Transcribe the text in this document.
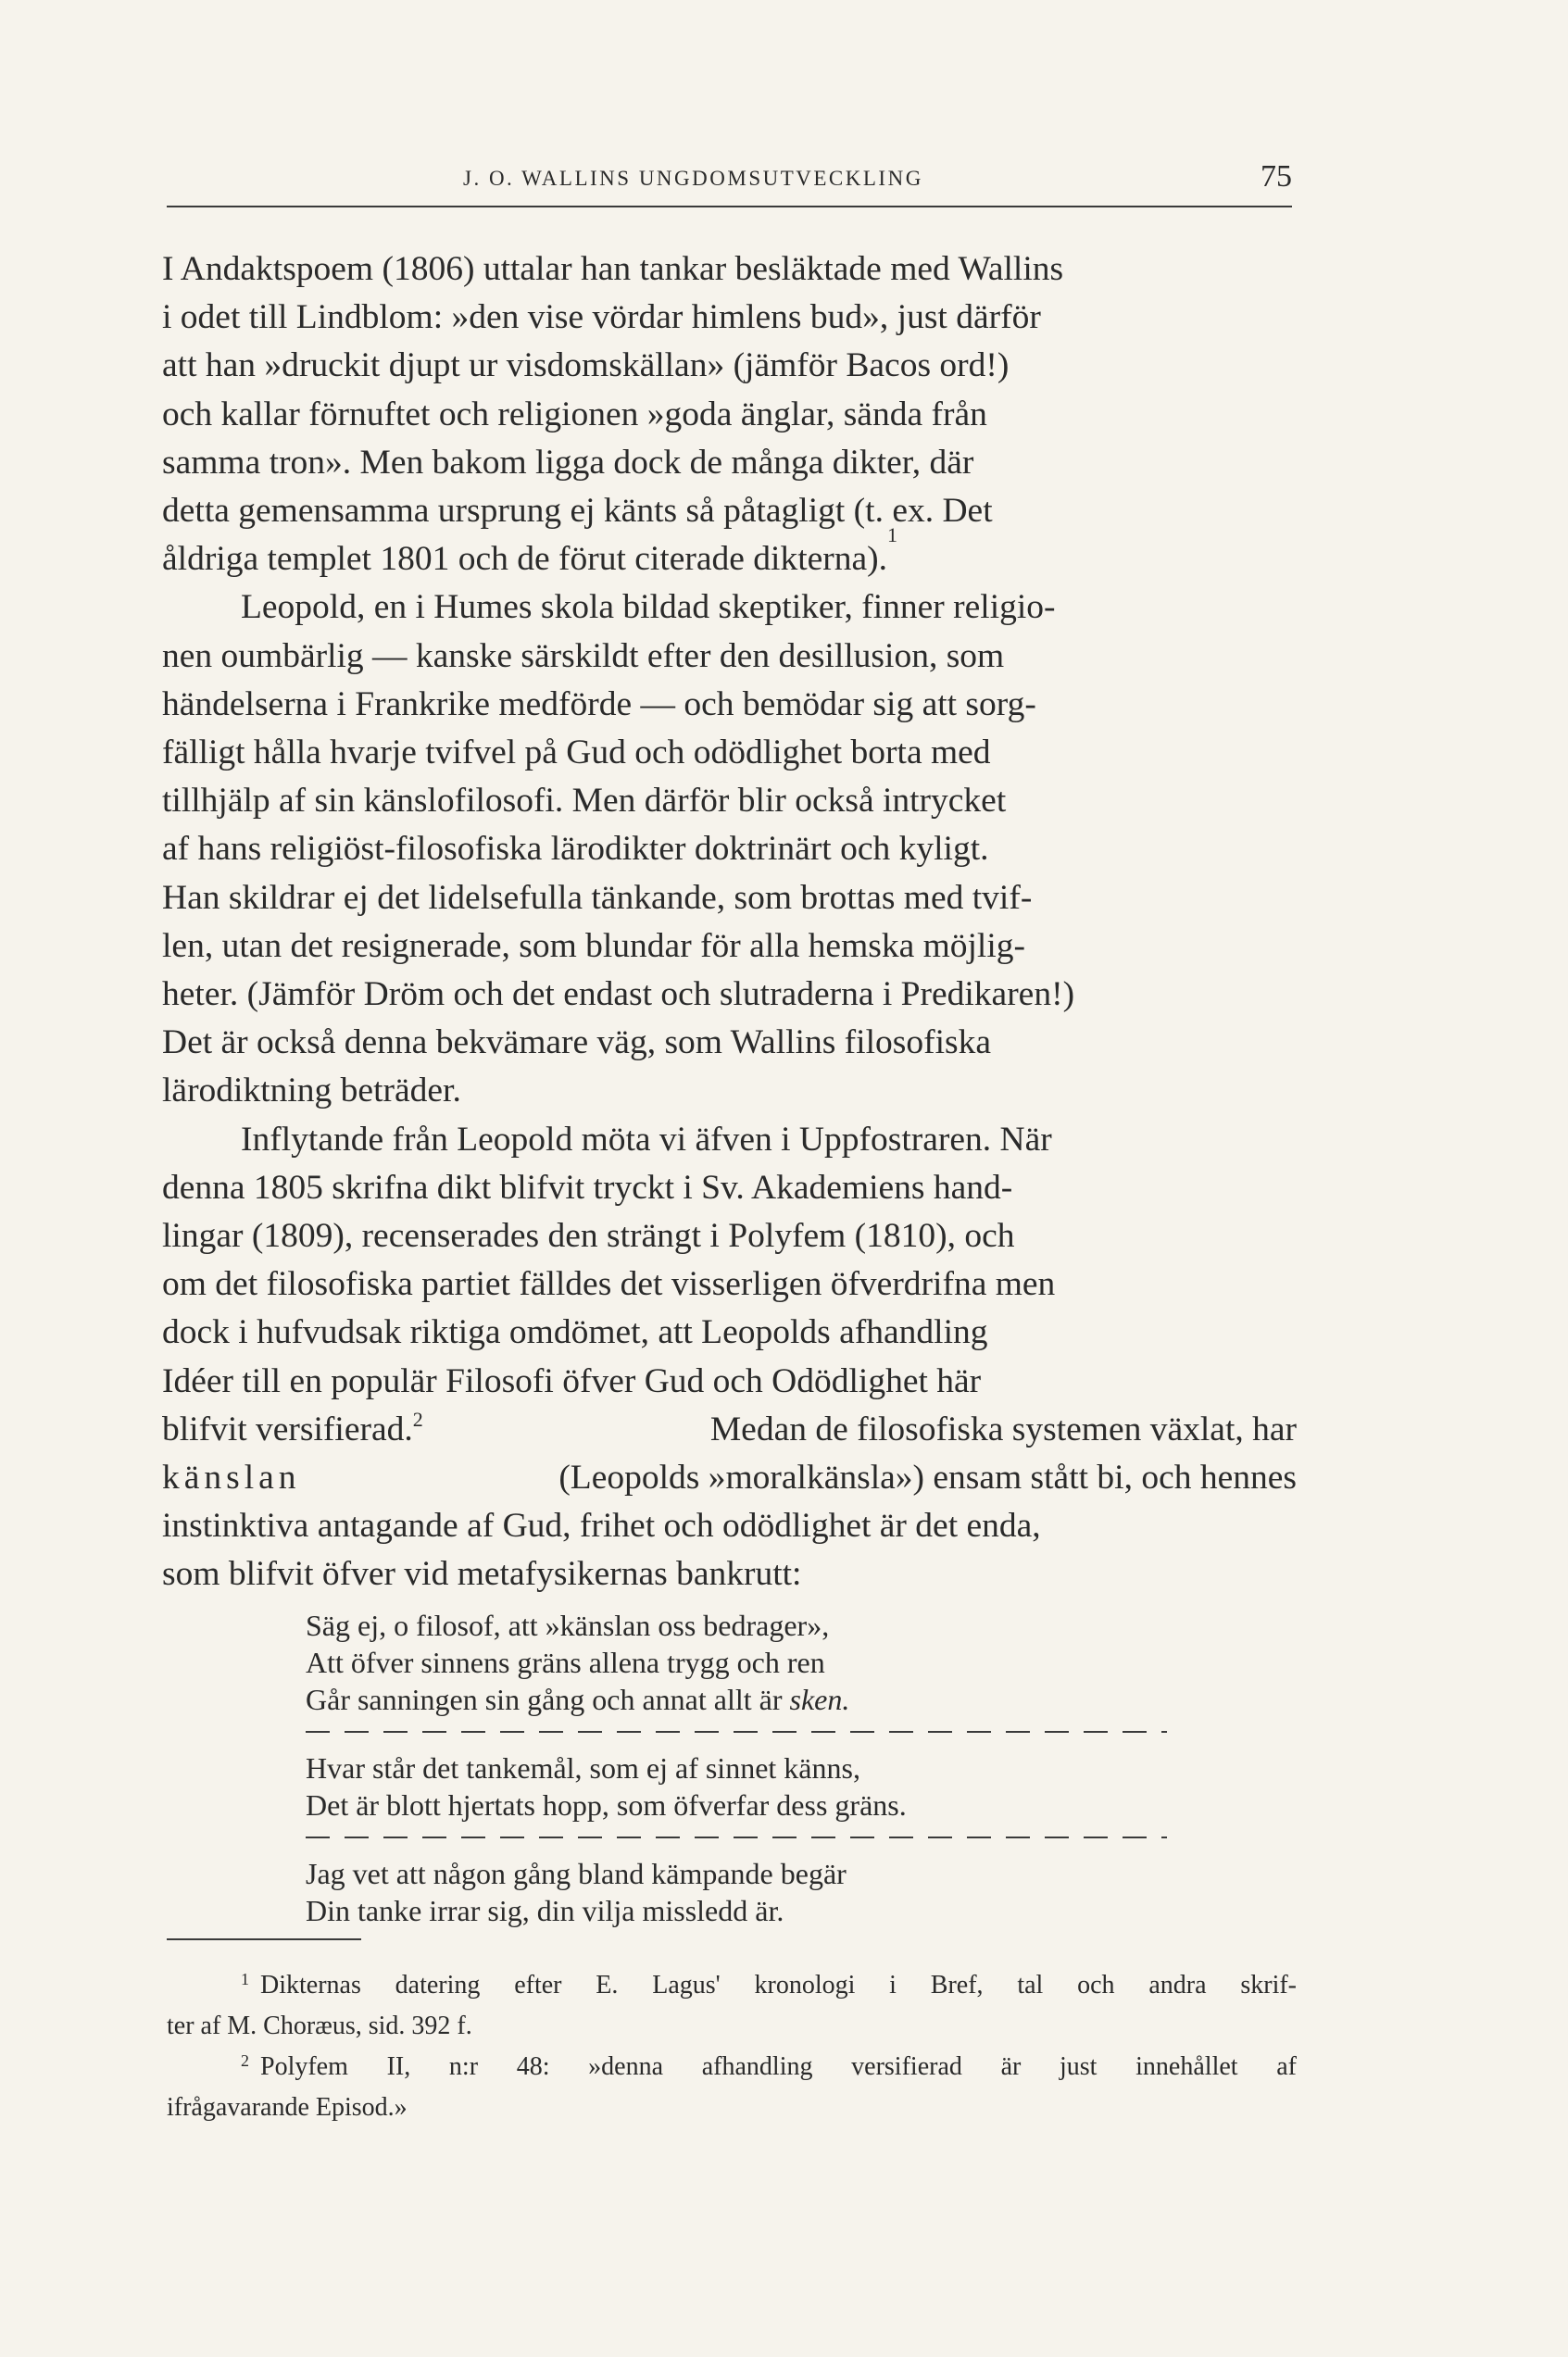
J. O. WALLINS UNGDOMSUTVECKLING	75
I Andaktspoem (1806) uttalar han tankar besläktade med Wallins
i odet till Lindblom: »den vise vördar himlens bud», just därför
att han »druckit djupt ur visdomskällan» (jämför Bacos ord!)
och kallar förnuftet och religionen »goda änglar, sända från
samma tron». Men bakom ligga dock de många dikter, där
detta gemensamma ursprung ej känts så påtagligt (t. ex. Det
åldriga templet 1801 och de förut citerade dikterna).
1
Leopold, en i Humes skola bildad skeptiker, finner religio-
nen oumbärlig — kanske särskildt efter den desillusion, som
händelserna i Frankrike medförde — och bemödar sig att sorg-
fälligt hålla hvarje tvifvel på Gud och odödlighet borta med
tillhjälp af sin känslofilosofi. Men därför blir också intrycket
af hans religiöst-filosofiska lärodikter doktrinärt och kyligt.
Han skildrar ej det lidelsefulla tänkande, som brottas med tvif-
len, utan det resignerade, som blundar för alla hemska möjlig-
heter. (Jämför Dröm och det endast och slutraderna i Predikaren!)
Det är också denna bekvämare väg, som Wallins filosofiska
lärodiktning beträder.
Inflytande från Leopold möta vi äfven i Uppfostraren. När
denna 1805 skrifna dikt blifvit tryckt i Sv. Akademiens hand-
lingar (1809), recenserades den strängt i Polyfem (1810), och
om det filosofiska partiet fälldes det visserligen öfverdrifna men
dock i hufvudsak riktiga omdömet, att Leopolds afhandling
Idéer till en populär Filosofi öfver Gud och Odödlighet här
blifvit versifierad.$^2$	Medan de filosofiska systemen växlat, har
känslan	(Leopolds »moralkänsla») ensam stått bi, och hennes
instinktiva antagande af Gud, frihet och odödlighet är det enda,
som blifvit öfver vid metafysikernas bankrutt:
Säg ej, o filosof, att »känslan oss bedrager»,
Att öfver sinnens gräns allena trygg och ren
Går sanningen sin gång och annat allt är sken.
Hvar står det tankemål, som ej af sinnet känns,
Det är blott hjertats hopp, som öfverfar dess gräns.
Jag vet att någon gång bland kämpande begär
Din tanke irrar sig, din vilja missledd är.

$^1$ Dikternas datering efter E. Lagus' kronologi i Bref, tal och andra skrif-

ter af M. Choræus, sid. 392 f.

$^2$ Polyfem II, n:r 48: »denna afhandling versifierad är just innehållet af

ifrågavarande Episod.»
